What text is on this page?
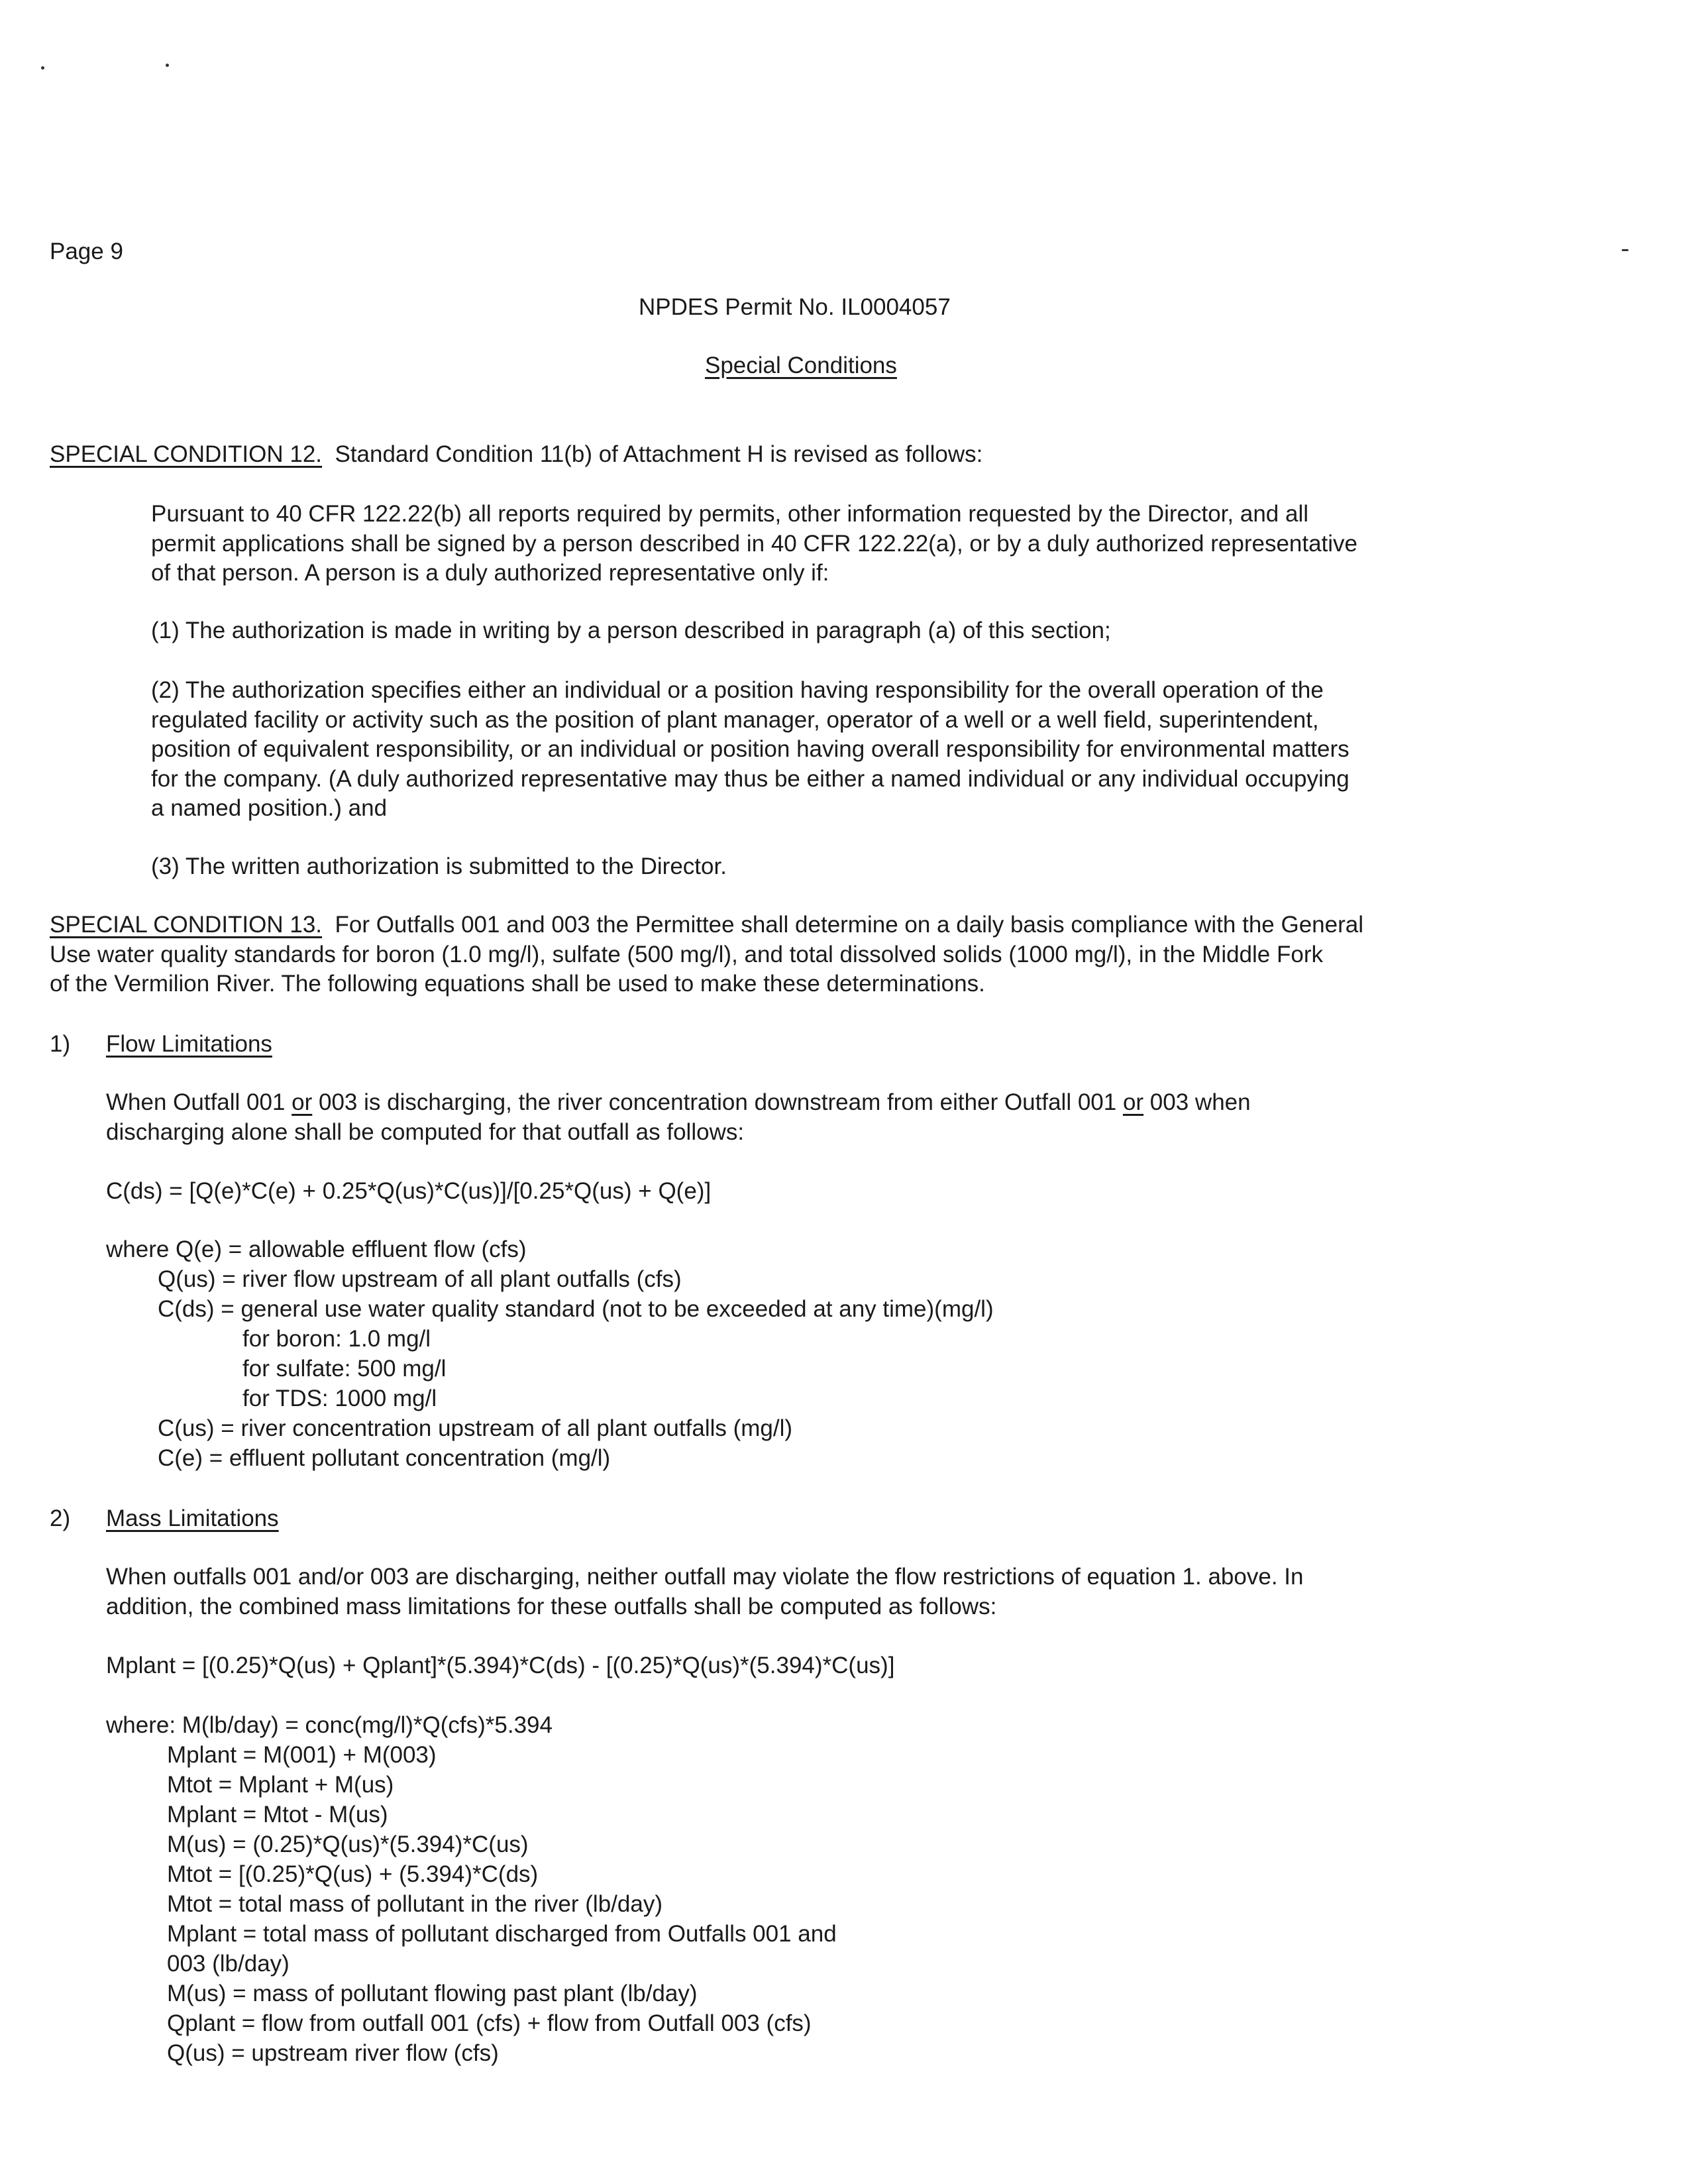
Page 9
NPDES Permit No. IL0004057
Special Conditions
SPECIAL CONDITION 12. Standard Condition 11(b) of Attachment H is revised as follows:
Pursuant to 40 CFR 122.22(b) all reports required by permits, other information requested by the Director, and all
permit applications shall be signed by a person described in 40 CFR 122.22(a), or by a duly authorized representative
of that person. A person is a duly authorized representative only if:
(1) The authorization is made in writing by a person described in paragraph (a) of this section;
(2) The authorization specifies either an individual or a position having responsibility for the overall operation of the
regulated facility or activity such as the position of plant manager, operator of a well or a well field, superintendent,
position of equivalent responsibility, or an individual or position having overall responsibility for environmental matters
for the company. (A duly authorized representative may thus be either a named individual or any individual occupying
a named position.) and
(3) The written authorization is submitted to the Director.
SPECIAL CONDITION 13. For Outfalls 001 and 003 the Permittee shall determine on a daily basis compliance with the General
Use water quality standards for boron (1.0 mg/l), sulfate (500 mg/l), and total dissolved solids (1000 mg/l), in the Middle Fork
of the Vermilion River. The following equations shall be used to make these determinations.
1) Flow Limitations
When Outfall 001 or 003 is discharging, the river concentration downstream from either Outfall 001 or 003 when
discharging alone shall be computed for that outfall as follows:
C(ds) = [Q(e)*C(e) + 0.25*Q(us)*C(us)]/[0.25*Q(us) + Q(e)]
where Q(e) = allowable effluent flow (cfs)
Q(us) = river flow upstream of all plant outfalls (cfs)
C(ds) = general use water quality standard (not to be exceeded at any time)(mg/l)
for boron: 1.0 mg/l
for sulfate: 500 mg/l
for TDS: 1000 mg/l
C(us) = river concentration upstream of all plant outfalls (mg/l)
C(e) = effluent pollutant concentration (mg/l)
2) Mass Limitations
When outfalls 001 and/or 003 are discharging, neither outfall may violate the flow restrictions of equation 1. above. In
addition, the combined mass limitations for these outfalls shall be computed as follows:
Mplant = [(0.25)*Q(us) + Qplant]*(5.394)*C(ds) - [(0.25)*Q(us)*(5.394)*C(us)]
where: M(lb/day) = conc(mg/l)*Q(cfs)*5.394
Mplant = M(001) + M(003)
Mtot = Mplant + M(us)
Mplant = Mtot - M(us)
M(us) = (0.25)*Q(us)*(5.394)*C(us)
Mtot = [(0.25)*Q(us) + (5.394)*C(ds)
Mtot = total mass of pollutant in the river (lb/day)
Mplant = total mass of pollutant discharged from Outfalls 001 and
003 (lb/day)
M(us) = mass of pollutant flowing past plant (lb/day)
Qplant = flow from outfall 001 (cfs) + flow from Outfall 003 (cfs)
Q(us) = upstream river flow (cfs)
